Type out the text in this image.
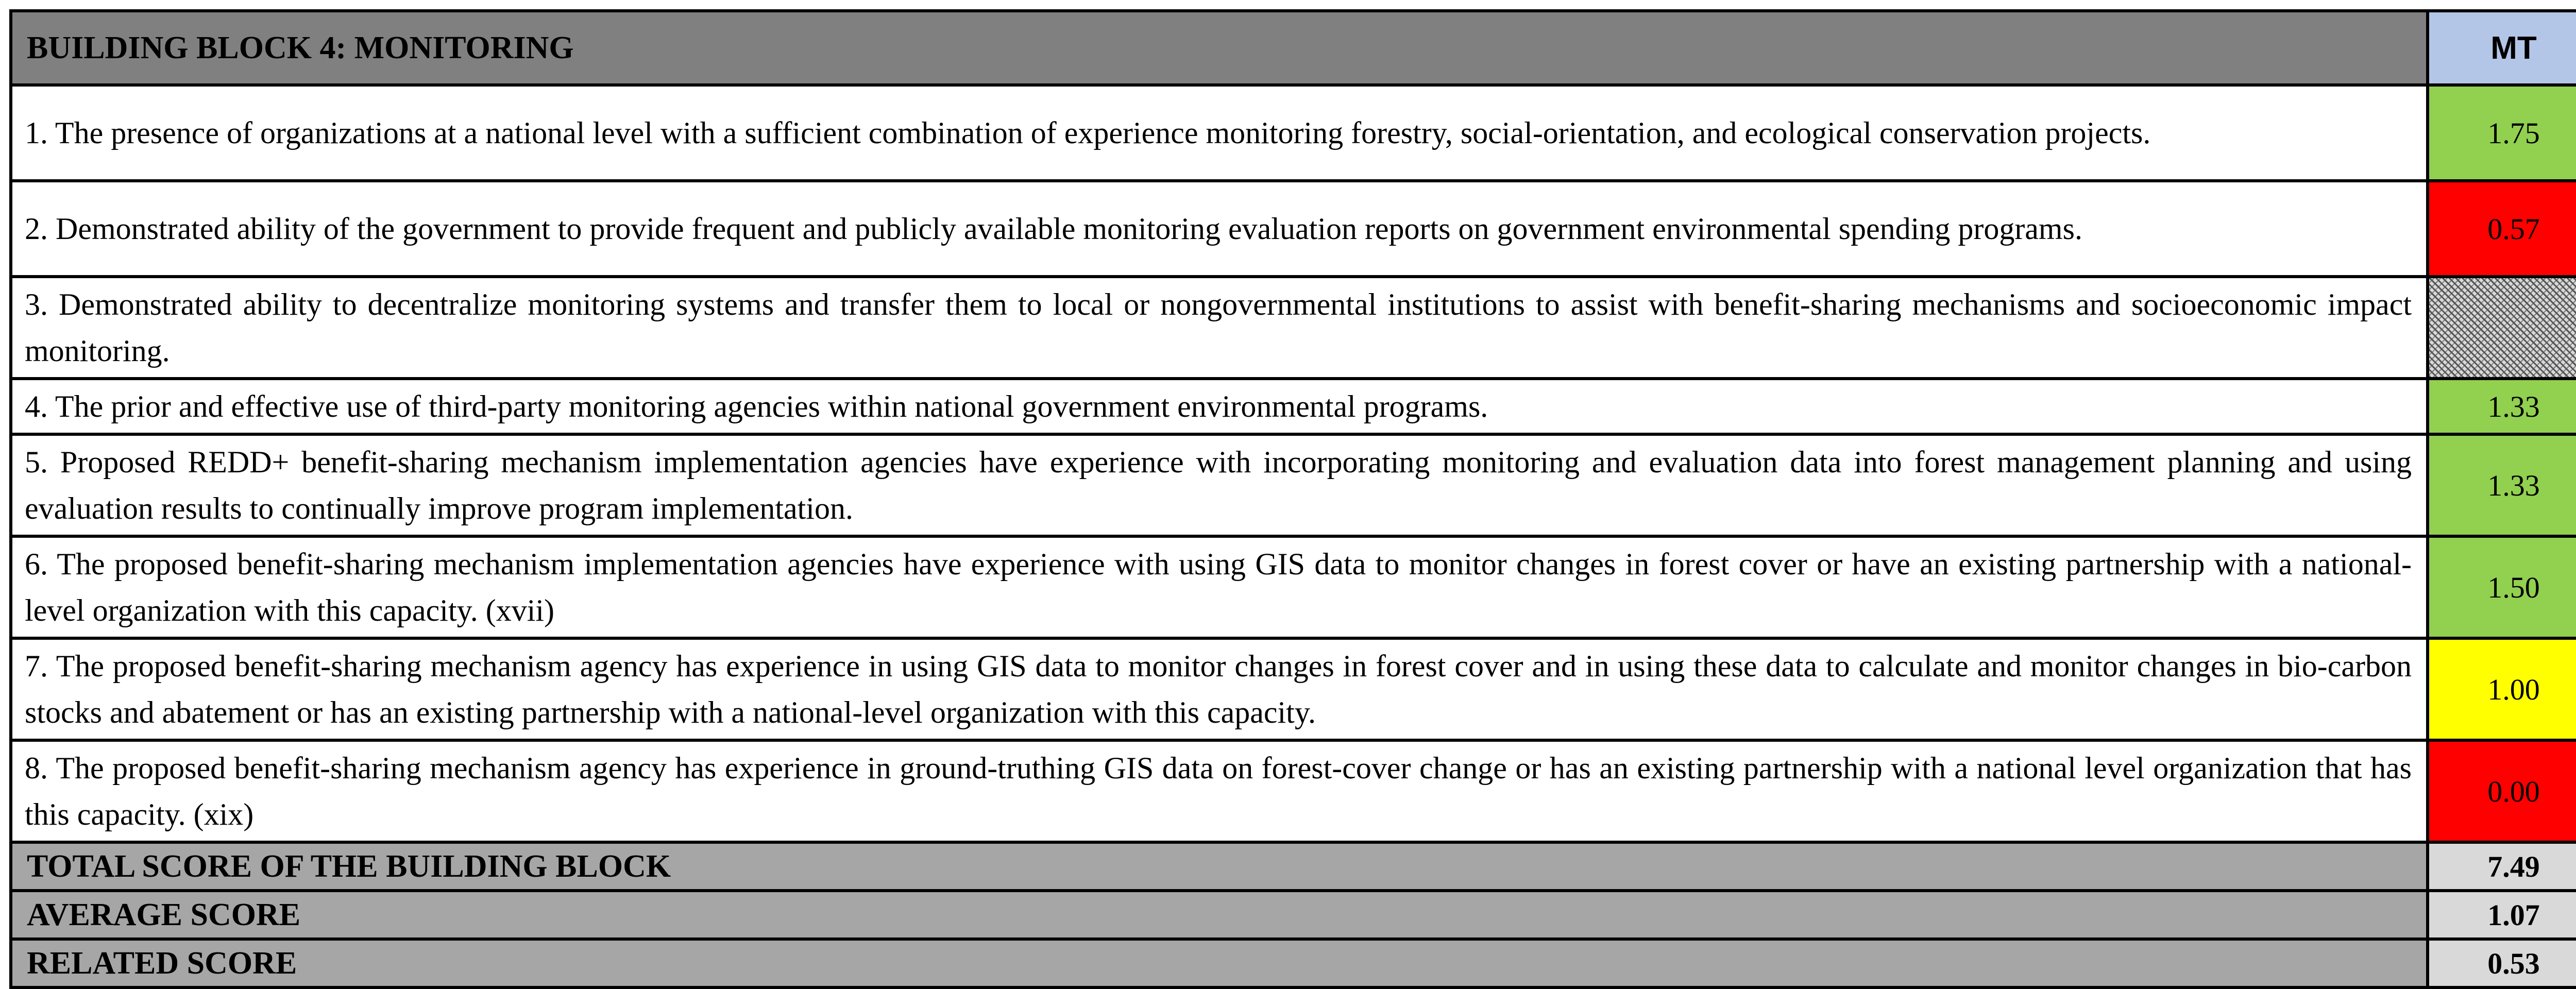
BUILDING BLOCK 4: MONITORING	MT	
1. The presence of organizations at a national level with a sufficient combination of experience monitoring forestry, social-orientation, and ecological conservation projects.	1.75	
2. Demonstrated ability of the government to provide frequent and publicly available monitoring evaluation reports on government environmental spending programs.	0.57	
3. Demonstrated ability to decentralize monitoring systems and transfer them to local or nongovernmental institutions to assist with benefit-sharing mechanisms and socioeconomic impact monitoring.		
4. The prior and effective use of third-party monitoring agencies within national government environmental programs.	1.33	
5. Proposed REDD+ benefit-sharing mechanism implementation agencies have experience with incorporating monitoring and evaluation data into forest management planning and using evaluation results to continually improve program implementation.	1.33	
6. The proposed benefit-sharing mechanism implementation agencies have experience with using GIS data to monitor changes in forest cover or have an existing partnership with a national-level organization with this capacity. (xvii)	1.50	
7. The proposed benefit-sharing mechanism agency has experience in using GIS data to monitor changes in forest cover and in using these data to calculate and monitor changes in bio-carbon stocks and abatement or has an existing partnership with a national-level organization with this capacity.	1.00	
8. The proposed benefit-sharing mechanism agency has experience in ground-truthing GIS data on forest-cover change or has an existing partnership with a national level organization that has this capacity. (xix)	0.00	
TOTAL SCORE OF THE BUILDING BLOCK	7.49	
AVERAGE SCORE	1.07	
RELATED SCORE	0.53	
